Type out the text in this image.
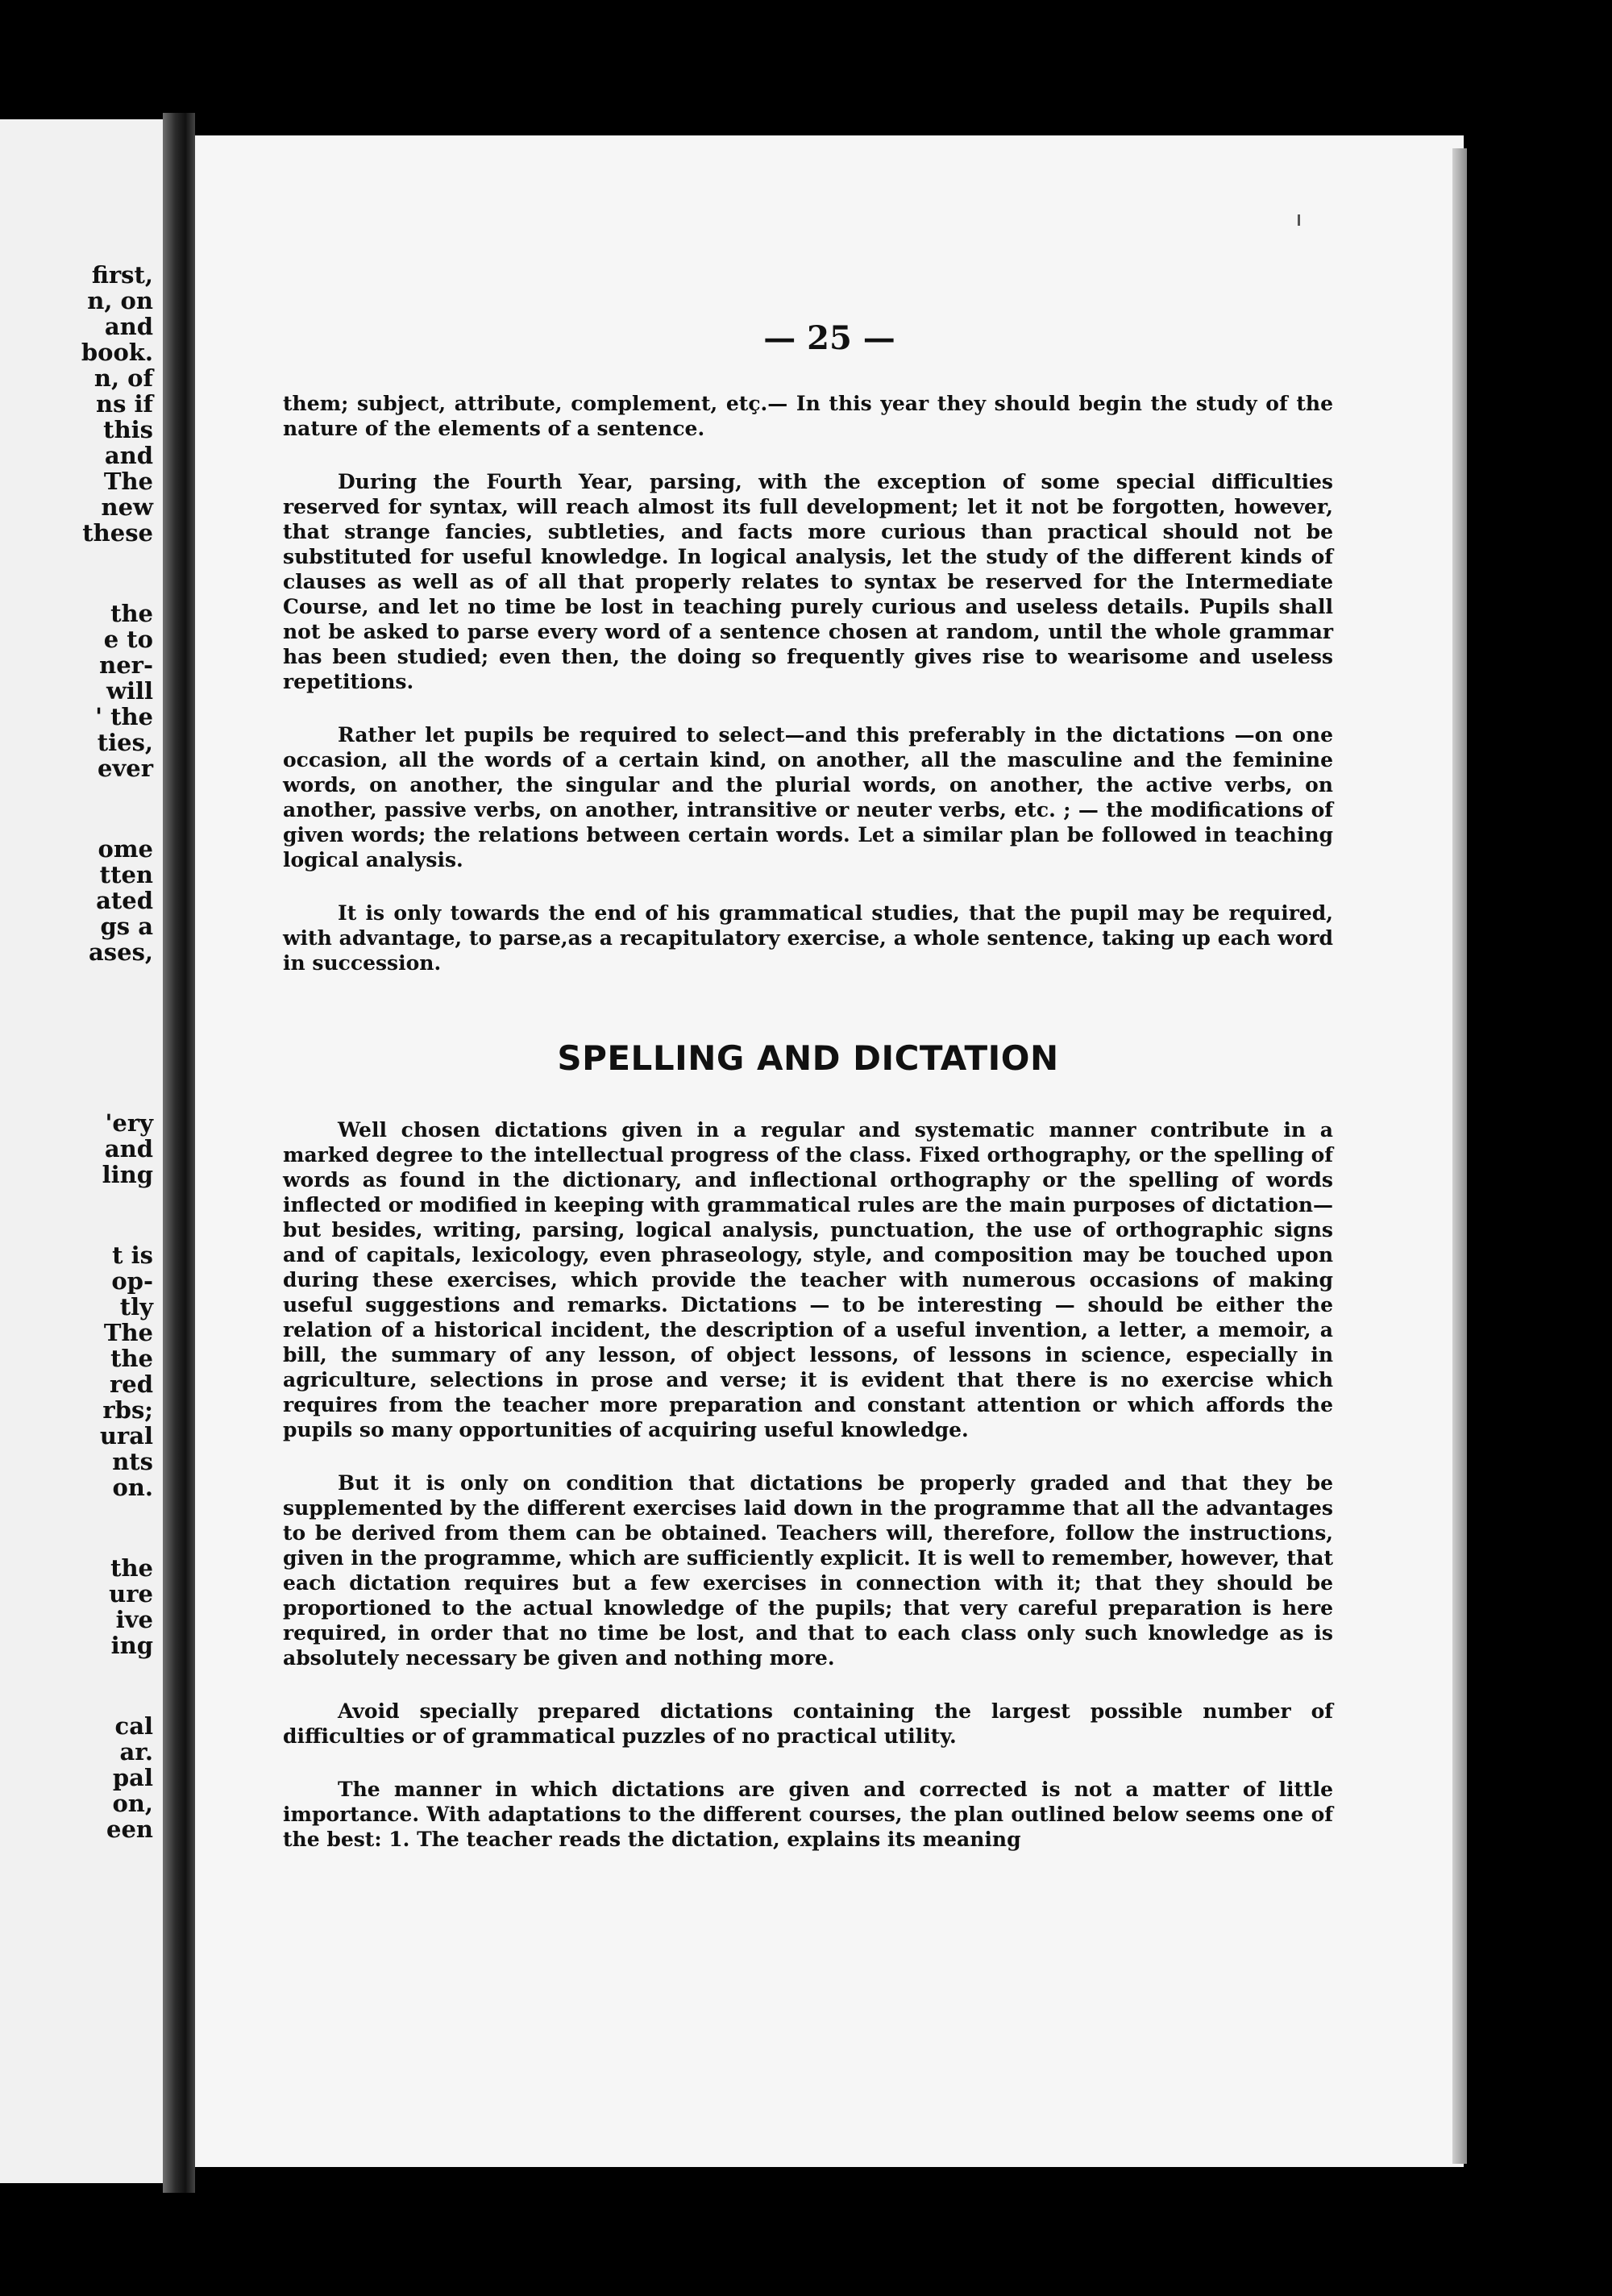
first,
n, on
and
book.
n, of
ns if
this
and
The
new
these
the
e to
ner-
will
' the
ties,
ever
ome
tten
ated
gs a
ases,
'ery
and
ling
t is
op-
tly
The
the
red
rbs;
ural
nts
on.
the
ure
ive
ing
cal
ar.
pal
on,
een
— 25 —

them; subject, attribute, complement, etç.— In this year they should begin the study of the nature of the elements of a sentence.

During the Fourth Year, parsing, with the exception of some special difficulties reserved for syntax, will reach almost its full development; let it not be forgotten, however, that strange fancies, subtleties, and facts more curious than practical should not be substituted for useful knowledge. In logical analysis, let the study of the different kinds of clauses as well as of all that properly relates to syntax be reserved for the Intermediate Course, and let no time be lost in teaching purely curious and useless details. Pupils shall not be asked to parse every word of a sentence chosen at random, until the whole grammar has been studied; even then, the doing so frequently gives rise to wearisome and useless repetitions.

Rather let pupils be required to select—and this preferably in the dictations —on one occasion, all the words of a certain kind, on another, all the masculine and the feminine words, on another, the singular and the plurial words, on another, the active verbs, on another, passive verbs, on another, intransitive or neuter verbs, etc. ; — the modifications of given words; the relations between certain words. Let a similar plan be followed in teaching logical analysis.

It is only towards the end of his grammatical studies, that the pupil may be required, with advantage, to parse,as a recapitulatory exercise, a whole sentence, taking up each word in succession.

SPELLING AND DICTATION

Well chosen dictations given in a regular and systematic manner contribute in a marked degree to the intellectual progress of the class. Fixed orthography, or the spelling of words as found in the dictionary, and inflectional orthography or the spelling of words inflected or modified in keeping with grammatical rules are the main purposes of dictation—but besides, writing, parsing, logical analysis, punctuation, the use of orthographic signs and of capitals, lexicology, even phraseology, style, and composition may be touched upon during these exercises, which provide the teacher with numerous occasions of making useful suggestions and remarks. Dictations — to be interesting — should be either the relation of a historical incident, the description of a useful invention, a letter, a memoir, a bill, the summary of any lesson, of object lessons, of lessons in science, especially in agriculture, selections in prose and verse; it is evident that there is no exercise which requires from the teacher more preparation and constant attention or which affords the pupils so many opportunities of acquiring useful knowledge.

But it is only on condition that dictations be properly graded and that they be supplemented by the different exercises laid down in the programme that all the advantages to be derived from them can be obtained. Teachers will, therefore, follow the instructions, given in the programme, which are sufficiently explicit. It is well to remember, however, that each dictation requires but a few exercises in connection with it; that they should be proportioned to the actual knowledge of the pupils; that very careful preparation is here required, in order that no time be lost, and that to each class only such knowledge as is absolutely necessary be given and nothing more.

Avoid specially prepared dictations containing the largest possible number of difficulties or of grammatical puzzles of no practical utility.

The manner in which dictations are given and corrected is not a matter of little importance. With adaptations to the different courses, the plan outlined below seems one of the best: 1. The teacher reads the dictation, explains its meaning
